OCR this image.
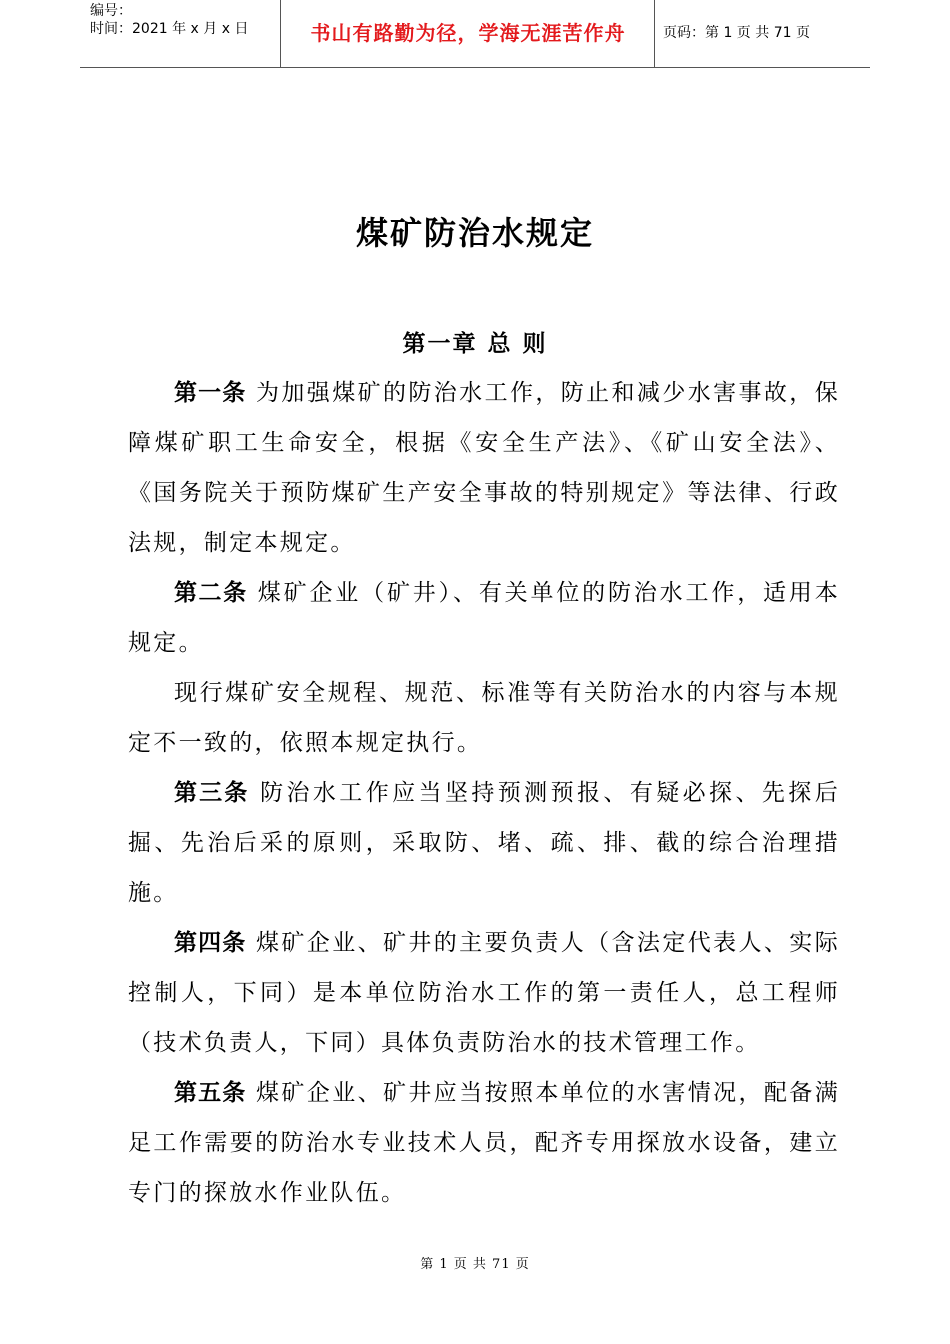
编号：
时间：2021 年 x 月 x 日	书山有路勤为径，学海无涯苦作舟	页码：第 1 页 共 71 页
煤矿防治水规定
第一章 总 则

第一条 为加强煤矿的防治水工作，防止和减少水害事故，保障煤矿职工生命安全，根据《安全生产法》、《矿山安全法》、《国务院关于预防煤矿生产安全事故的特别规定》等法律、行政法规，制定本规定。

第二条 煤矿企业（矿井）、有关单位的防治水工作，适用本规定。

现行煤矿安全规程、规范、标准等有关防治水的内容与本规定不一致的，依照本规定执行。

第三条 防治水工作应当坚持预测预报、有疑必探、先探后掘、先治后采的原则，采取防、堵、疏、排、截的综合治理措施。

第四条 煤矿企业、矿井的主要负责人（含法定代表人、实际控制人，下同）是本单位防治水工作的第一责任人，总工程师（技术负责人，下同）具体负责防治水的技术管理工作。

第五条 煤矿企业、矿井应当按照本单位的水害情况，配备满足工作需要的防治水专业技术人员，配齐专用探放水设备，建立专门的探放水作业队伍。

第 1 页 共 71 页
